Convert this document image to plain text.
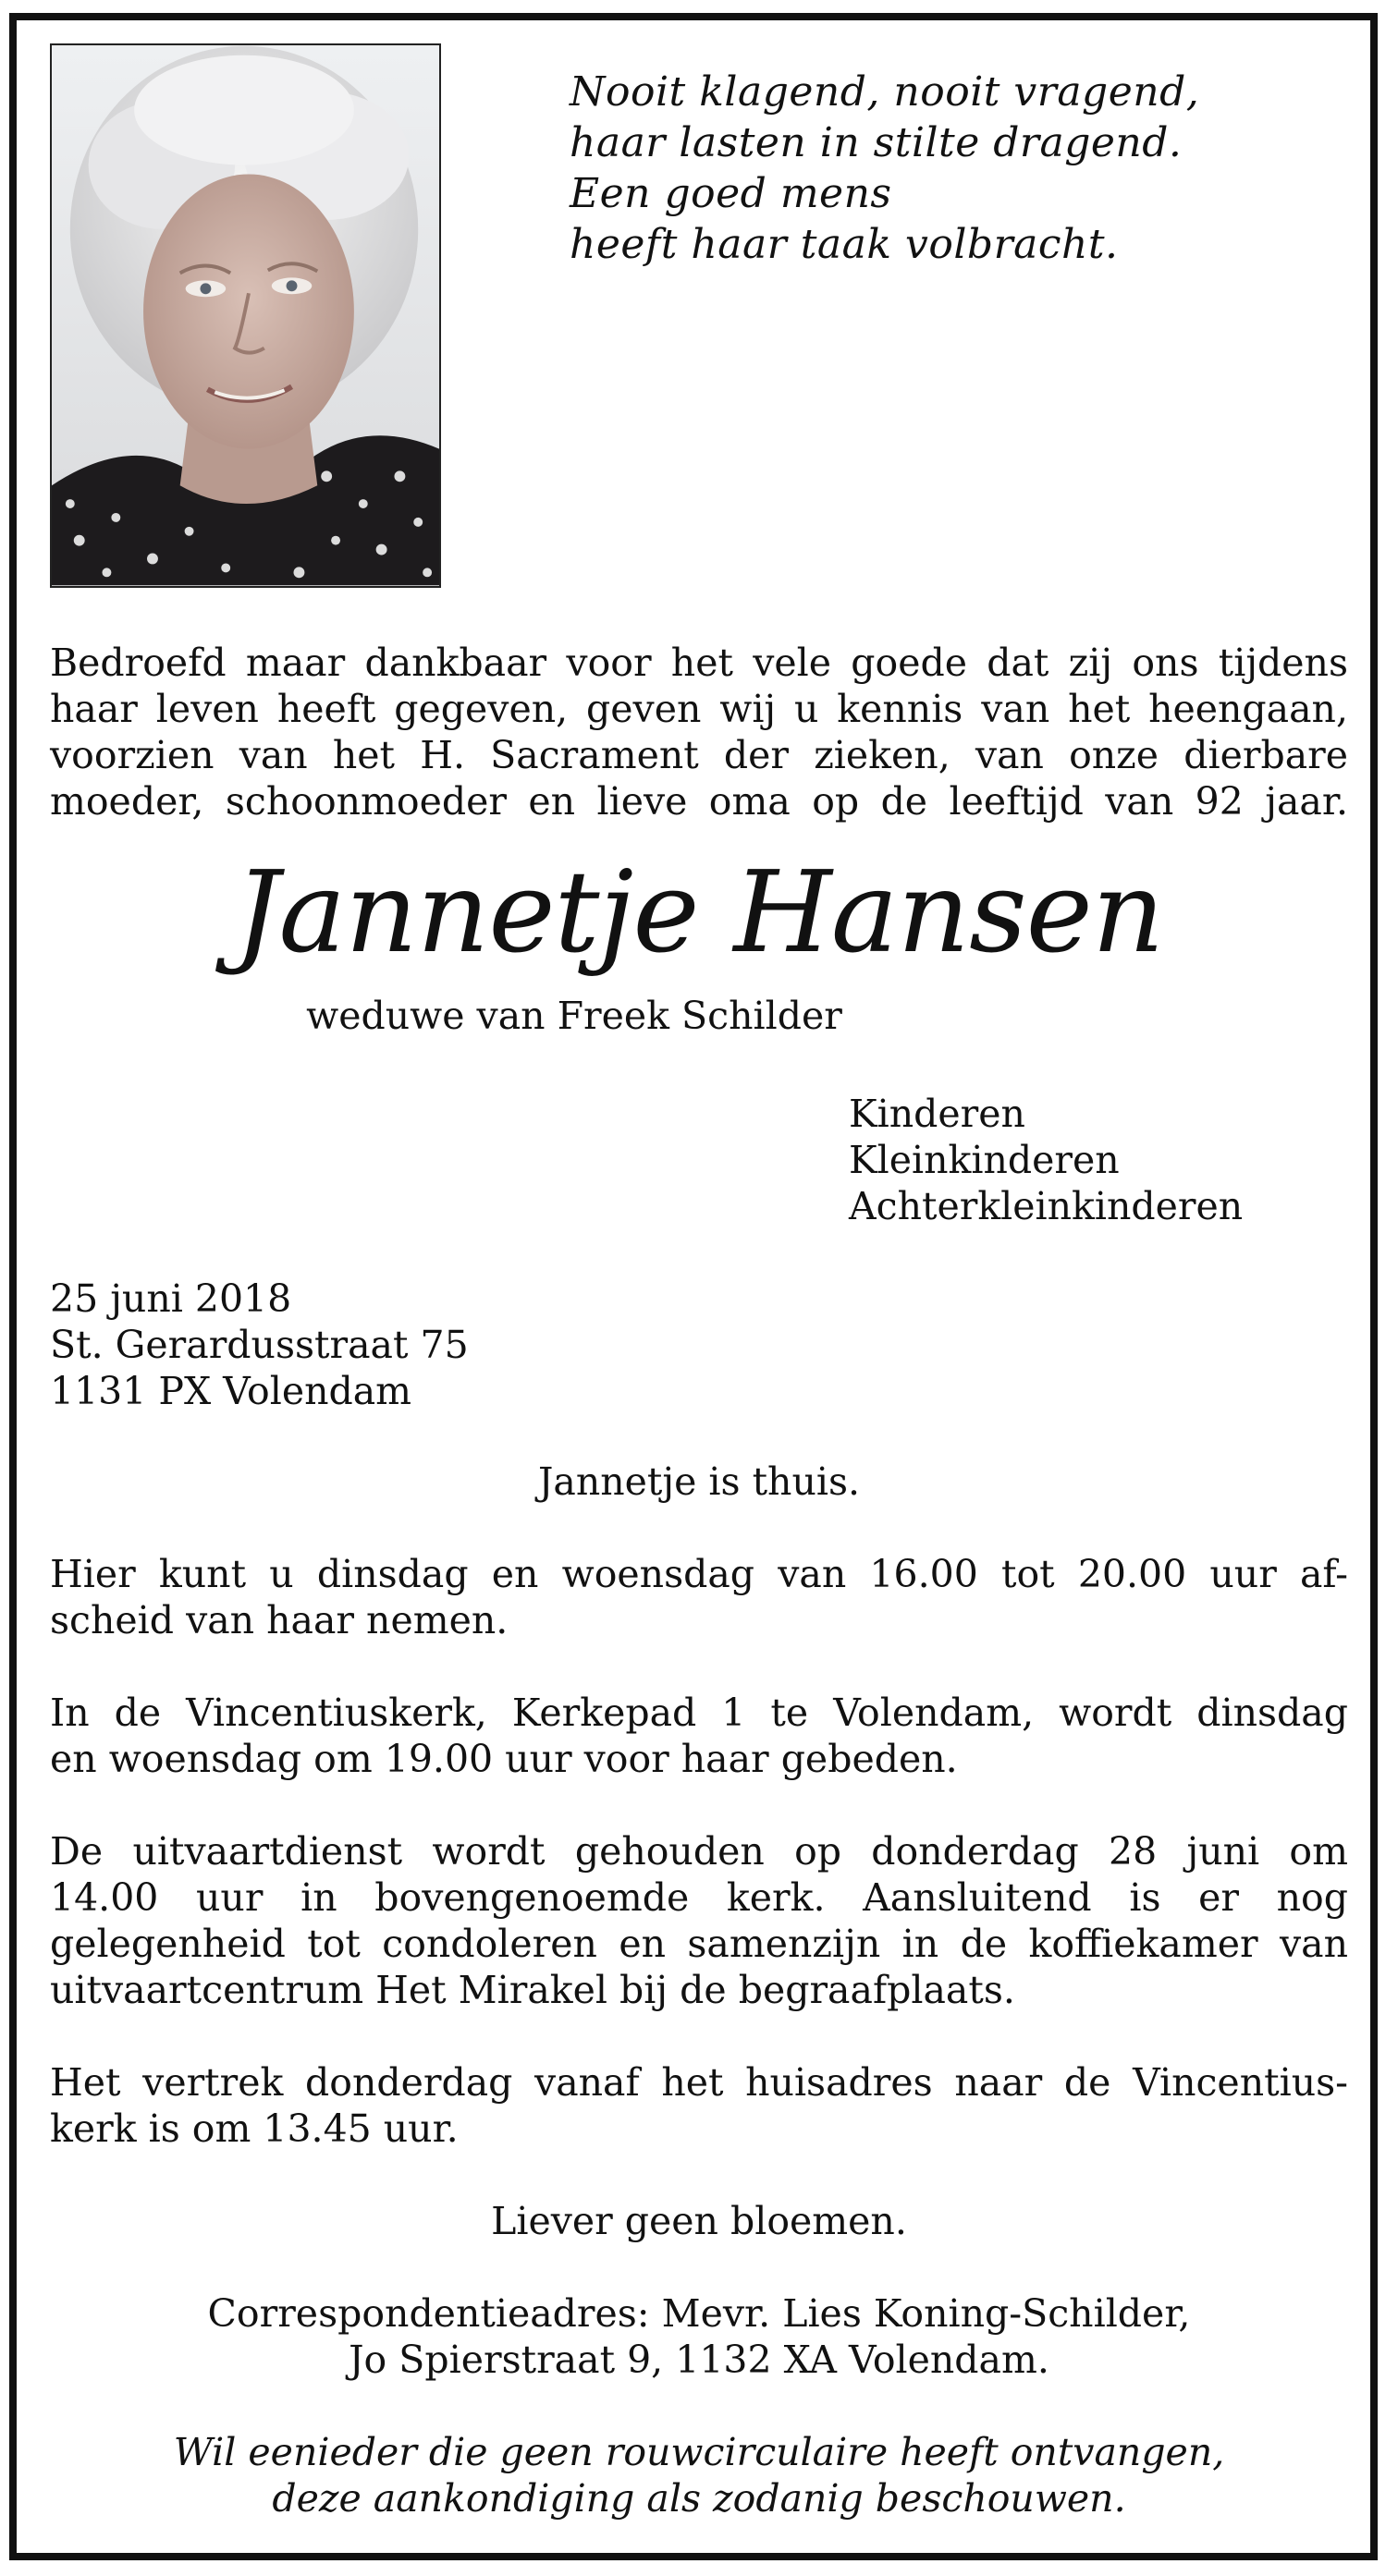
Nooit klagend, nooit vragend,
haar lasten in stilte dragend.
Een goed mens
heeft haar taak volbracht.
Bedroefd maar dankbaar voor het vele goede dat zij ons tijdens
haar leven heeft gegeven, geven wij u kennis van het heengaan,
voorzien van het H. Sacrament der zieken, van onze dierbare
moeder, schoonmoeder en lieve oma op de leeftijd van 92 jaar.
Jannetje Hansen
weduwe van Freek Schilder
Kinderen
Kleinkinderen
Achterkleinkinderen
25 juni 2018
St. Gerardusstraat 75
1131 PX Volendam
Jannetje is thuis.
Hier kunt u dinsdag en woensdag van 16.00 tot 20.00 uur af-
scheid van haar nemen.
In de Vincentiuskerk, Kerkepad 1 te Volendam, wordt dinsdag
en woensdag om 19.00 uur voor haar gebeden.
De uitvaartdienst wordt gehouden op donderdag 28 juni om
14.00 uur in bovengenoemde kerk. Aansluitend is er nog
gelegenheid tot condoleren en samenzijn in de koffiekamer van
uitvaartcentrum Het Mirakel bij de begraafplaats.
Het vertrek donderdag vanaf het huisadres naar de Vincentius-
kerk is om 13.45 uur.
Liever geen bloemen.
Correspondentieadres: Mevr. Lies Koning-Schilder,
Jo Spierstraat 9, 1132 XA Volendam.
Wil eenieder die geen rouwcirculaire heeft ontvangen,
deze aankondiging als zodanig beschouwen.
